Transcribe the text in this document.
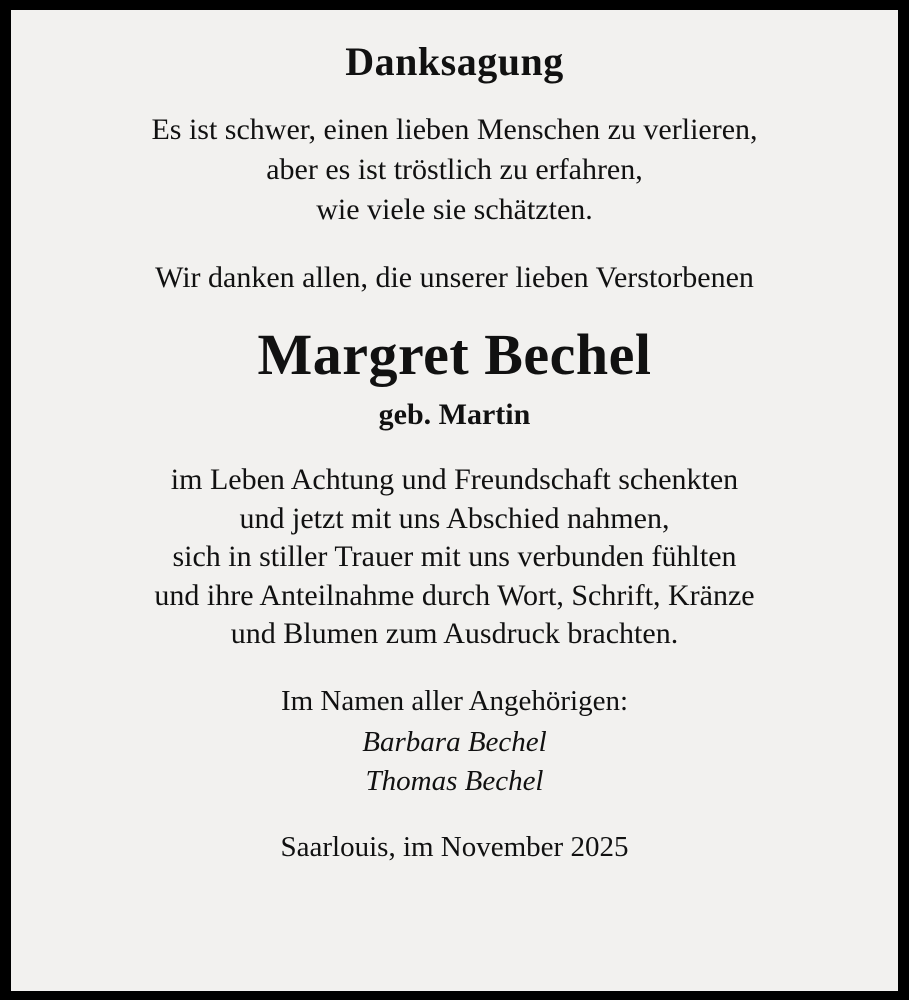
Danksagung
Es ist schwer, einen lieben Menschen zu verlieren,
aber es ist tröstlich zu erfahren,
wie viele sie schätzten.
Wir danken allen, die unserer lieben Verstorbenen
Margret Bechel
geb. Martin
im Leben Achtung und Freundschaft schenkten
und jetzt mit uns Abschied nahmen,
sich in stiller Trauer mit uns verbunden fühlten
und ihre Anteilnahme durch Wort, Schrift, Kränze
und Blumen zum Ausdruck brachten.
Im Namen aller Angehörigen:
Barbara Bechel
Thomas Bechel
Saarlouis, im November 2025
